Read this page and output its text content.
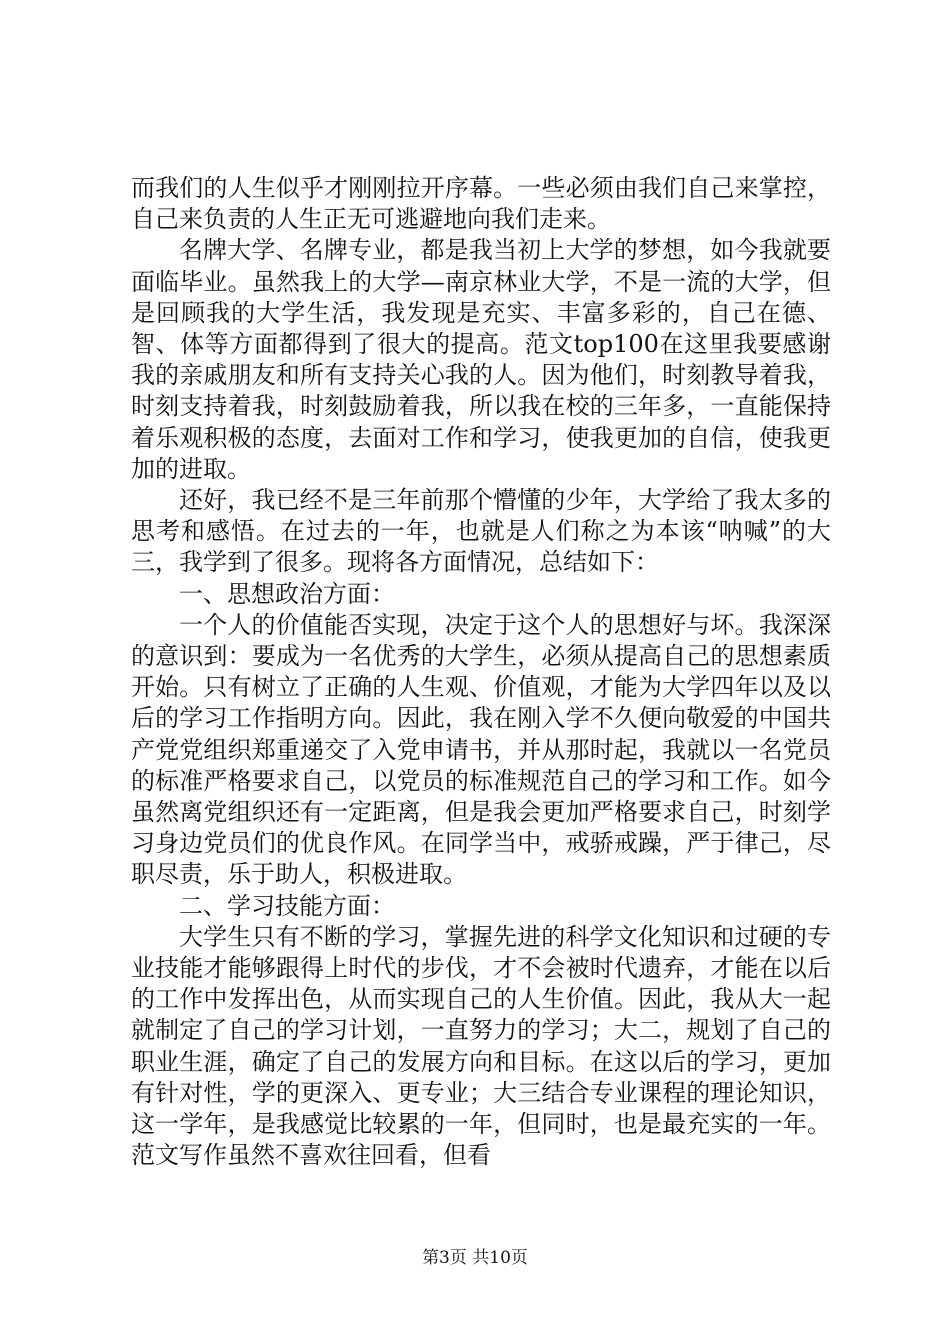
而我们的人生似乎才刚刚拉开序幕。一些必须由我们自己来掌控，自己来负责的人生正无可逃避地向我们走来。

名牌大学、名牌专业，都是我当初上大学的梦想，如今我就要面临毕业。虽然我上的大学—南京林业大学，不是一流的大学，但是回顾我的大学生活，我发现是充实、丰富多彩的，自己在德、智、体等方面都得到了很大的提高。范文top100在这里我要感谢我的亲戚朋友和所有支持关心我的人。因为他们，时刻教导着我，时刻支持着我，时刻鼓励着我，所以我在校的三年多，一直能保持着乐观积极的态度，去面对工作和学习，使我更加的自信，使我更加的进取。

还好，我已经不是三年前那个懵懂的少年，大学给了我太多的思考和感悟。在过去的一年，也就是人们称之为本该“呐喊”的大三，我学到了很多。现将各方面情况，总结如下：

一、思想政治方面：

一个人的价值能否实现，决定于这个人的思想好与坏。我深深的意识到：要成为一名优秀的大学生，必须从提高自己的思想素质开始。只有树立了正确的人生观、价值观，才能为大学四年以及以后的学习工作指明方向。因此，我在刚入学不久便向敬爱的中国共产党党组织郑重递交了入党申请书，并从那时起，我就以一名党员的标准严格要求自己，以党员的标准规范自己的学习和工作。如今虽然离党组织还有一定距离，但是我会更加严格要求自己，时刻学习身边党员们的优良作风。在同学当中，戒骄戒躁，严于律己，尽职尽责，乐于助人，积极进取。

二、学习技能方面：

大学生只有不断的学习，掌握先进的科学文化知识和过硬的专业技能才能够跟得上时代的步伐，才不会被时代遗弃，才能在以后的工作中发挥出色，从而实现自己的人生价值。因此，我从大一起就制定了自己的学习计划，一直努力的学习；大二，规划了自己的职业生涯，确定了自己的发展方向和目标。在这以后的学习，更加有针对性，学的更深入、更专业；大三结合专业课程的理论知识，这一学年，是我感觉比较累的一年，但同时，也是最充实的一年。范文写作虽然不喜欢往回看，但看

第3页 共10页
